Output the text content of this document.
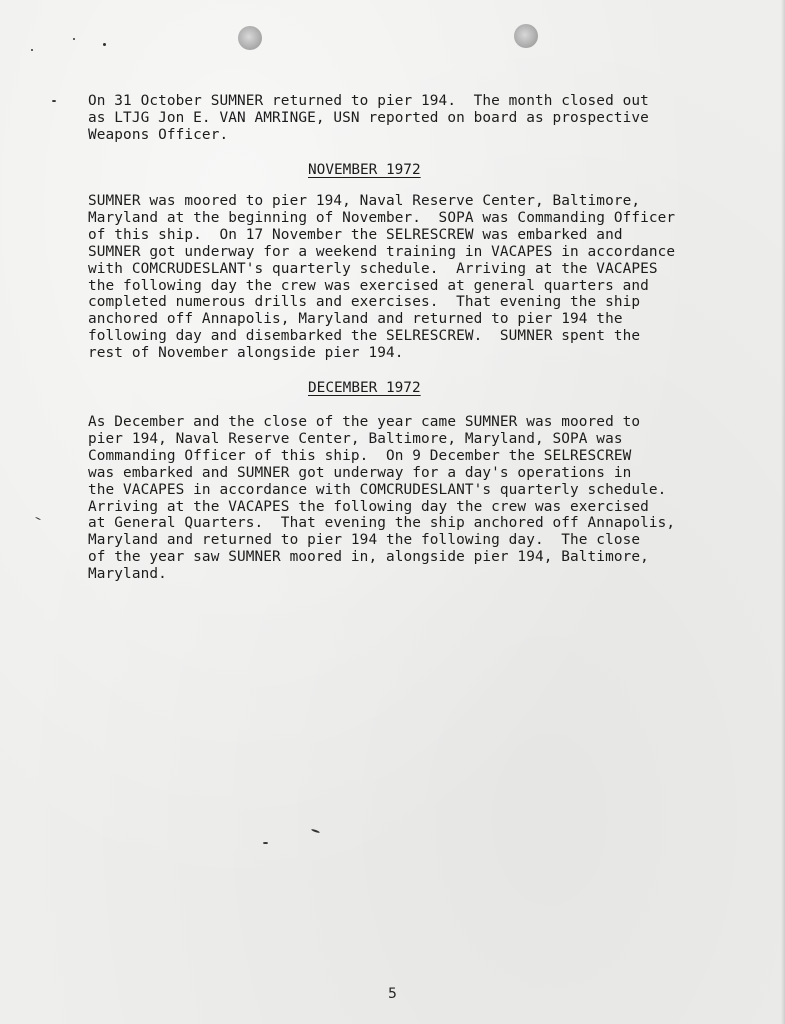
On 31 October SUMNER returned to pier 194.  The month closed out
as LTJG Jon E. VAN AMRINGE, USN reported on board as prospective
Weapons Officer.

NOVEMBER 1972

SUMNER was moored to pier 194, Naval Reserve Center, Baltimore,
Maryland at the beginning of November.  SOPA was Commanding Officer
of this ship.  On 17 November the SELRESCREW was embarked and
SUMNER got underway for a weekend training in VACAPES in accordance
with COMCRUDESLANT's quarterly schedule.  Arriving at the VACAPES
the following day the crew was exercised at general quarters and
completed numerous drills and exercises.  That evening the ship
anchored off Annapolis, Maryland and returned to pier 194 the
following day and disembarked the SELRESCREW.  SUMNER spent the
rest of November alongside pier 194.

DECEMBER 1972

As December and the close of the year came SUMNER was moored to
pier 194, Naval Reserve Center, Baltimore, Maryland, SOPA was
Commanding Officer of this ship.  On 9 December the SELRESCREW
was embarked and SUMNER got underway for a day's operations in
the VACAPES in accordance with COMCRUDESLANT's quarterly schedule.
Arriving at the VACAPES the following day the crew was exercised
at General Quarters.  That evening the ship anchored off Annapolis,
Maryland and returned to pier 194 the following day.  The close
of the year saw SUMNER moored in, alongside pier 194, Baltimore,
Maryland.

5
